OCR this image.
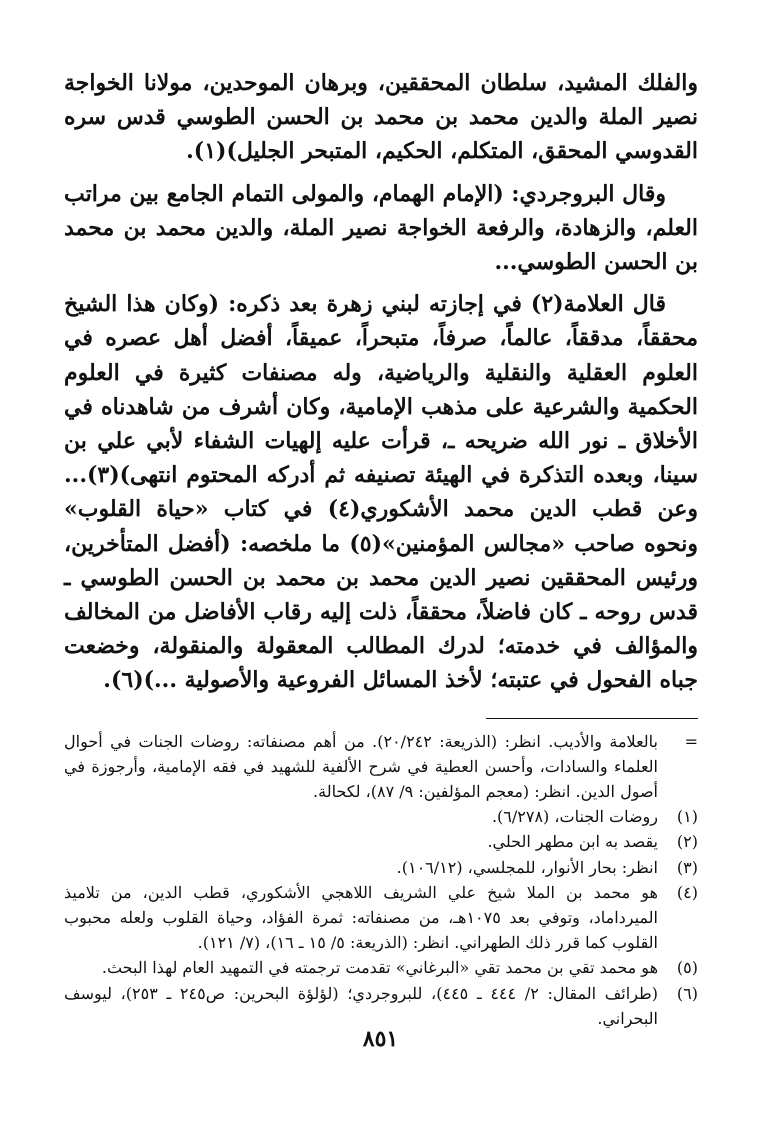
والفلك المشيد، سلطان المحققين، وبرهان الموحدين، مولانا الخواجة نصير الملة والدين محمد بن محمد بن الحسن الطوسي قدس سره القدوسي المحقق، المتكلم، الحكيم، المتبحر الجليل)(١).

وقال البروجردي: (الإمام الهمام، والمولى التمام الجامع بين مراتب العلم، والزهادة، والرفعة الخواجة نصير الملة، والدين محمد بن محمد بن الحسن الطوسي...

قال العلامة(٢) في إجازته لبني زهرة بعد ذكره: (وكان هذا الشيخ محققاً، مدققاً، عالماً، صرفاً، متبحراً، عميقاً، أفضل أهل عصره في العلوم العقلية والنقلية والرياضية، وله مصنفات كثيرة في العلوم الحكمية والشرعية على مذهب الإمامية، وكان أشرف من شاهدناه في الأخلاق ـ نور الله ضريحه ـ، قرأت عليه إلهيات الشفاء لأبي علي بن سينا، وبعده التذكرة في الهيئة تصنيفه ثم أدركه المحتوم انتهى)(٣)... وعن قطب الدين محمد الأشكوري(٤) في كتاب «حياة القلوب» ونحوه صاحب «مجالس المؤمنين»(٥) ما ملخصه: (أفضل المتأخرين، ورئيس المحققين نصير الدين محمد بن محمد بن الحسن الطوسي ـ قدس روحه ـ كان فاضلاً، محققاً، ذلت إليه رقاب الأفاضل من المخالف والمؤالف في خدمته؛ لدرك المطالب المعقولة والمنقولة، وخضعت جباه الفحول في عتبته؛ لأخذ المسائل الفروعية والأصولية ...)(٦).

=
بالعلامة والأديب. انظر: (الذريعة: ٢٠/٢٤٢). من أهم مصنفاته: روضات الجنات في أحوال العلماء والسادات، وأحسن العطية في شرح الألفية للشهيد في فقه الإمامية، وأرجوزة في أصول الدين. انظر: (معجم المؤلفين: ٩/ ٨٧)، لكحالة.
(١)
روضات الجنات، (٦/٢٧٨).
(٢)
يقصد به ابن مطهر الحلي.
(٣)
انظر: بحار الأنوار، للمجلسي، (١٠٦/١٢).
(٤)
هو محمد بن الملا شيخ علي الشريف اللاهجي الأشكوري، قطب الدين، من تلاميذ الميرداماد، وتوفي بعد ١٠٧٥هـ، من مصنفاته: ثمرة الفؤاد، وحياة القلوب ولعله محبوب القلوب كما قرر ذلك الطهراني. انظر: (الذريعة: ٥/ ١٥ ـ ١٦)، (٧/ ١٢١).
(٥)
هو محمد تقي بن محمد تقي «البرغاني» تقدمت ترجمته في التمهيد العام لهذا البحث.
(٦)
(طرائف المقال: ٢/ ٤٤٤ ـ ٤٤٥)، للبروجردي؛ (لؤلؤة البحرين: ص٢٤٥ ـ ٢٥٣)، ليوسف البحراني.
٨٥١
